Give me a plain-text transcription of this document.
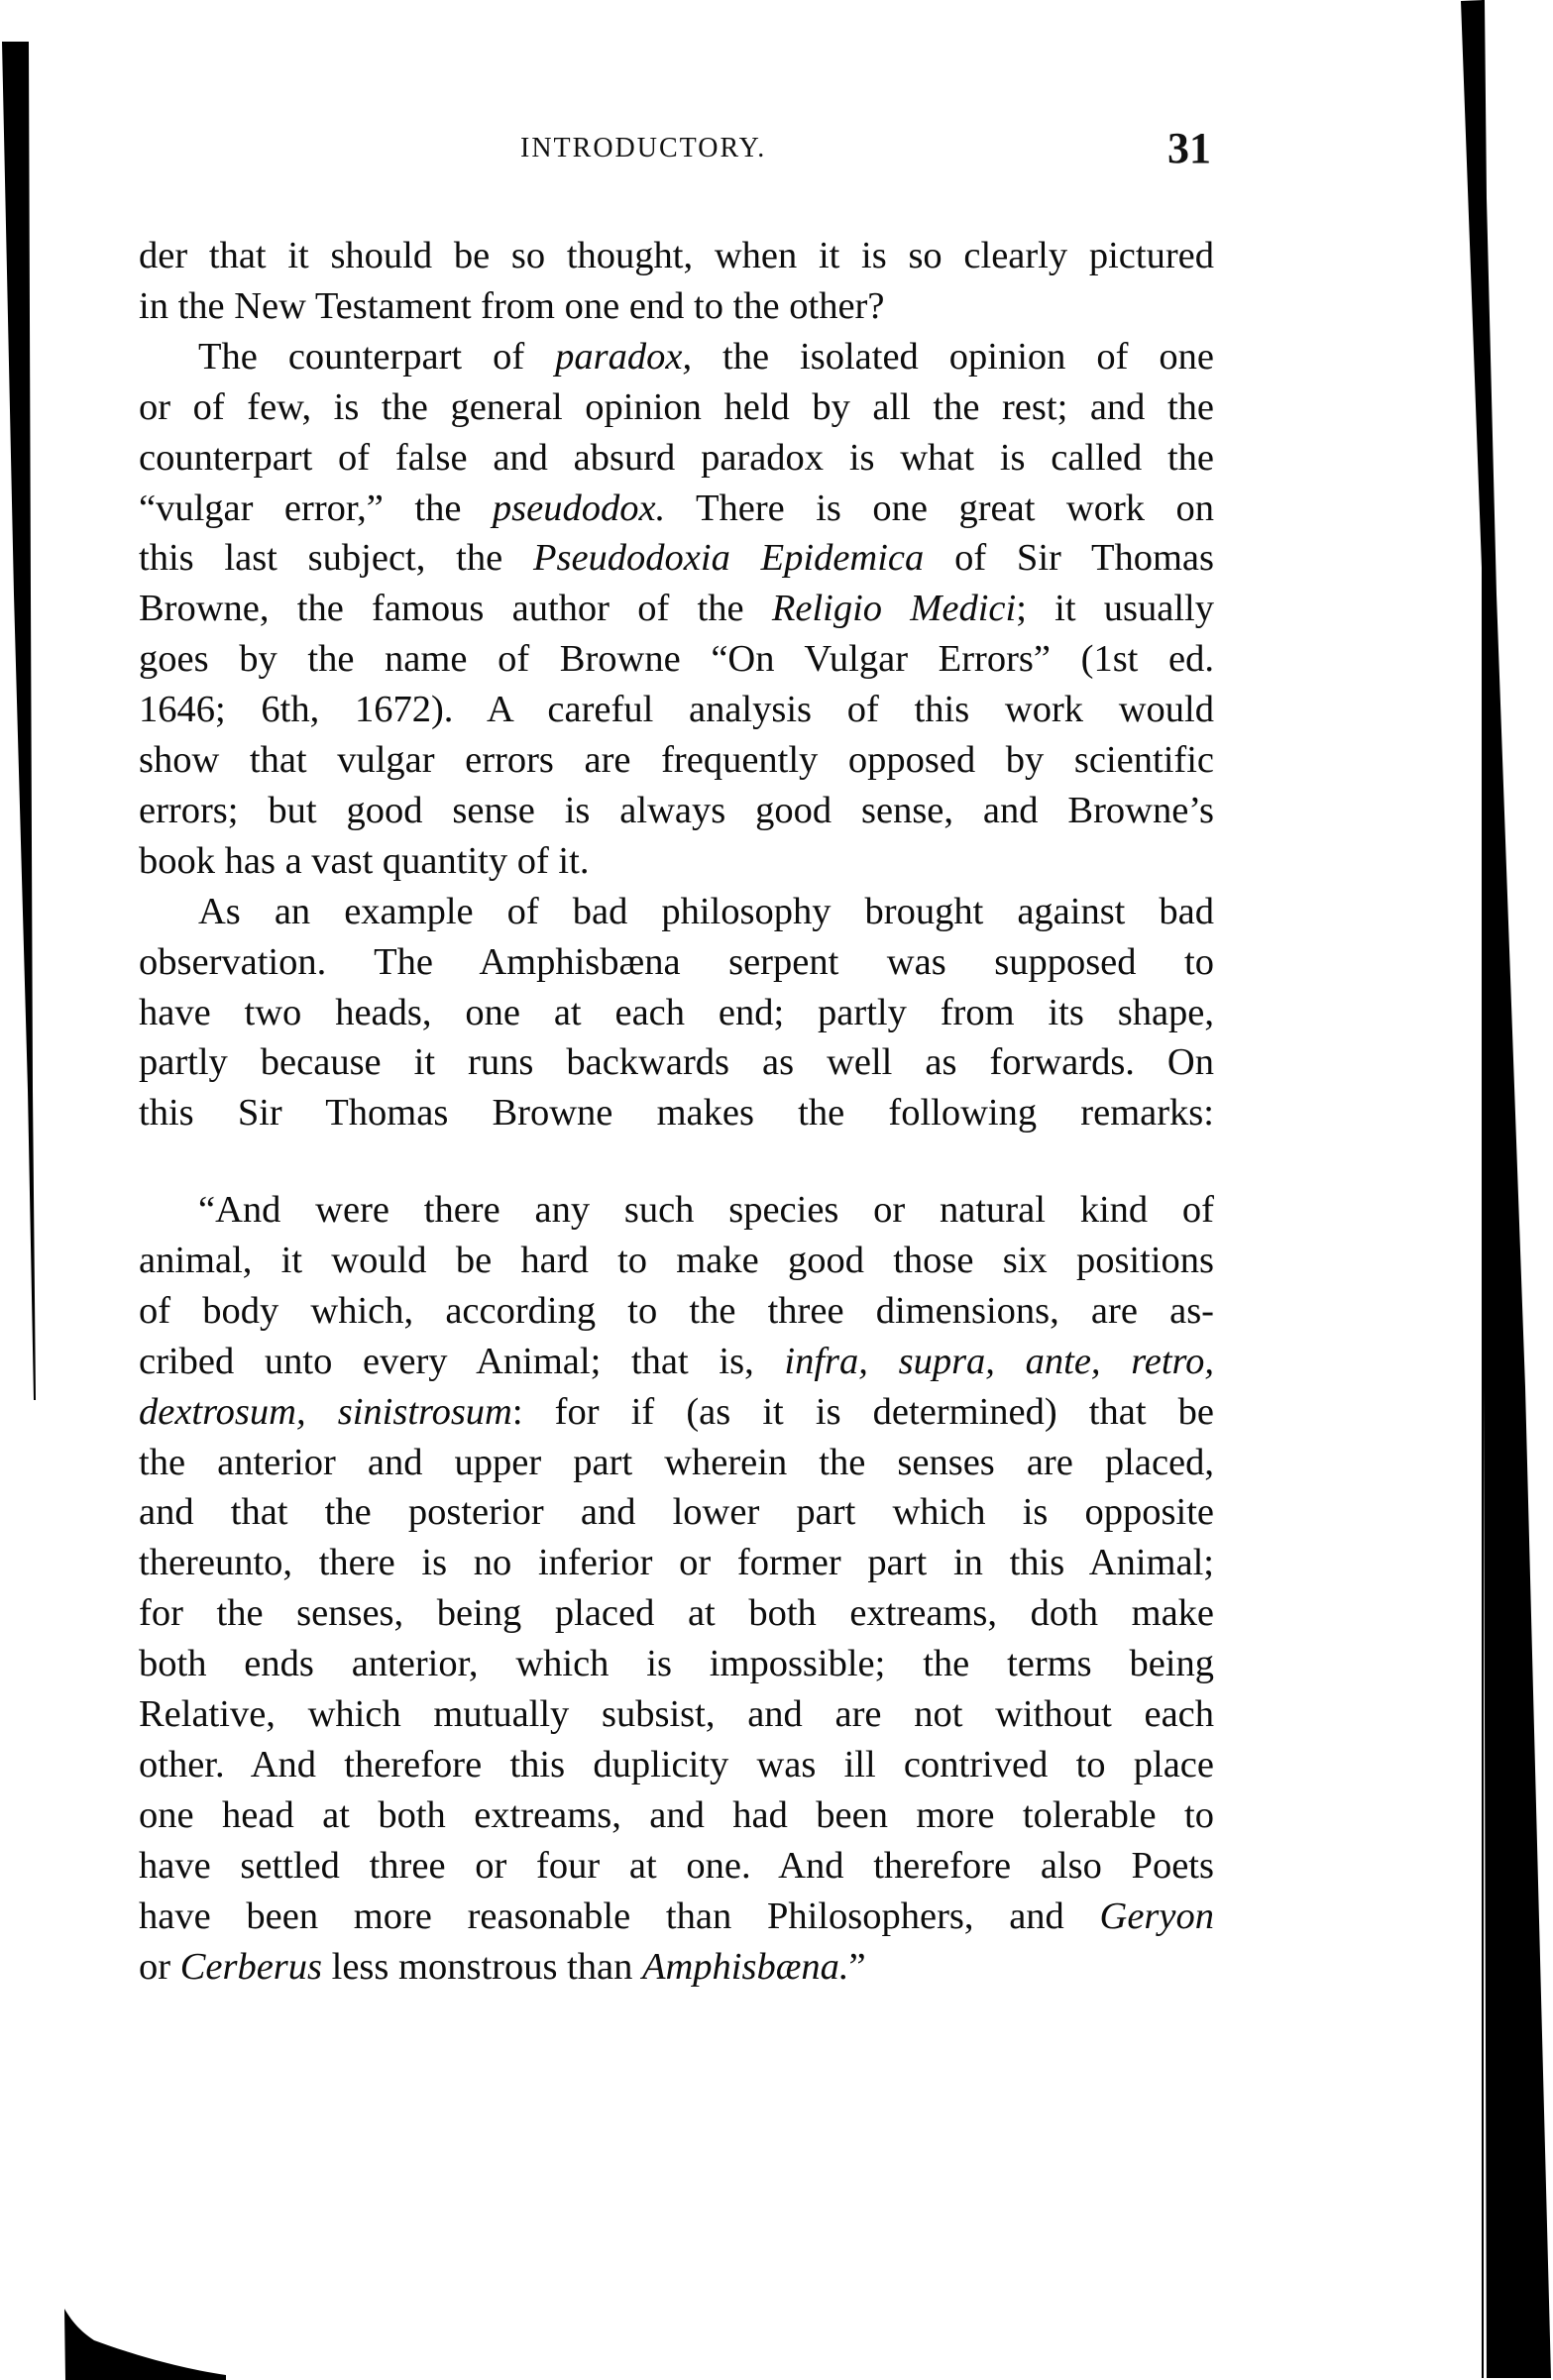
INTRODUCTORY.	31
der that it should be so thought, when it is so clearly pictured
in the New Testament from one end to the other?
The counterpart of paradox, the isolated opinion of one
or of few, is the general opinion held by all the rest; and the
counterpart of false and absurd paradox is what is called the
“vulgar error,” the pseudodox. There is one great work on
this last subject, the Pseudodoxia Epidemica of Sir Thomas
Browne, the famous author of the Religio Medici; it usually
goes by the name of Browne “On Vulgar Errors” (1st ed.
1646; 6th, 1672). A careful analysis of this work would
show that vulgar errors are frequently opposed by scientific
errors; but good sense is always good sense, and Browne’s
book has a vast quantity of it.
As an example of bad philosophy brought against bad
observation. The Amphisbæna serpent was supposed to
have two heads, one at each end; partly from its shape,
partly because it runs backwards as well as forwards. On
this Sir Thomas Browne makes the following remarks:
“And were there any such species or natural kind of
animal, it would be hard to make good those six positions
of body which, according to the three dimensions, are as-
cribed unto every Animal; that is, infra, supra, ante, retro,
dextrosum, sinistrosum: for if (as it is determined) that be
the anterior and upper part wherein the senses are placed,
and that the posterior and lower part which is opposite
thereunto, there is no inferior or former part in this Animal;
for the senses, being placed at both extreams, doth make
both ends anterior, which is impossible; the terms being
Relative, which mutually subsist, and are not without each
other. And therefore this duplicity was ill contrived to place
one head at both extreams, and had been more tolerable to
have settled three or four at one. And therefore also Poets
have been more reasonable than Philosophers, and Geryon
or Cerberus less monstrous than Amphisbæna.”
